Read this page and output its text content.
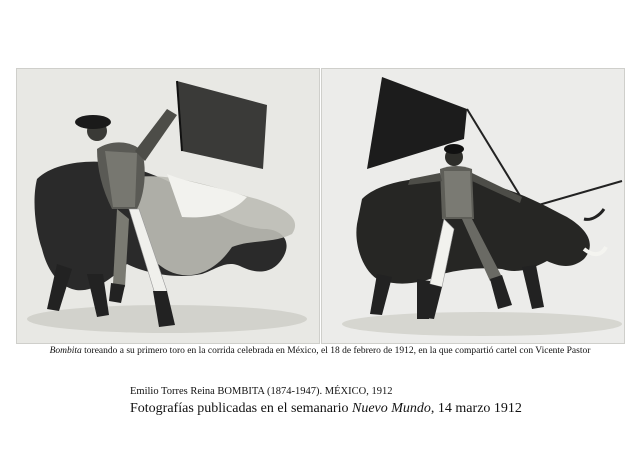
Bombita toreando a su primero toro en la corrida celebrada en México, el 18 de febrero de 1912, en la que compartió cartel con Vicente Pastor
Emilio Torres Reina BOMBITA (1874-1947). MÉXICO, 1912
Fotografías publicadas en el semanario Nuevo Mundo, 14 marzo 1912
